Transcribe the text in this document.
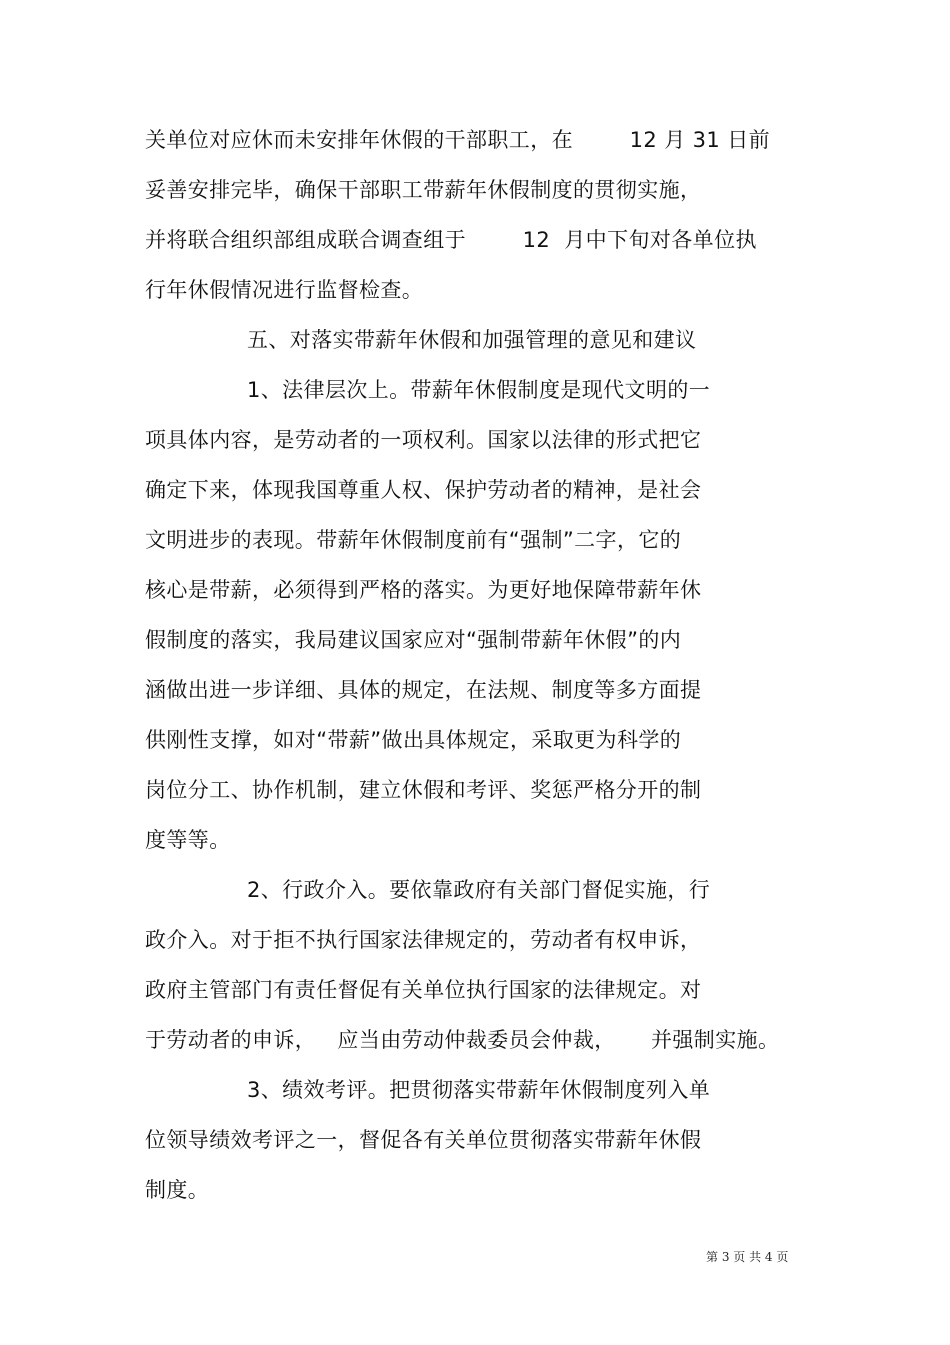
关单位对应休而未安排年休假的干部职工，在        12 月 31 日前
妥善安排完毕，确保干部职工带薪年休假制度的贯彻实施，
并将联合组织部组成联合调查组于        12  月中下旬对各单位执
行年休假情况进行监督检查。
五、对落实带薪年休假和加强管理的意见和建议
1、法律层次上。带薪年休假制度是现代文明的一
项具体内容，是劳动者的一项权利。国家以法律的形式把它
确定下来，体现我国尊重人权、保护劳动者的精神，是社会
文明进步的表现。带薪年休假制度前有“强制”二字，它的
核心是带薪，必须得到严格的落实。为更好地保障带薪年休
假制度的落实，我局建议国家应对“强制带薪年休假”的内
涵做出进一步详细、具体的规定，在法规、制度等多方面提
供刚性支撑，如对“带薪”做出具体规定，采取更为科学的
岗位分工、协作机制，建立休假和考评、奖惩严格分开的制
度等等。
2、行政介入。要依靠政府有关部门督促实施，行
政介入。对于拒不执行国家法律规定的，劳动者有权申诉，
政府主管部门有责任督促有关单位执行国家的法律规定。对
于劳动者的申诉，   应当由劳动仲裁委员会仲裁，     并强制实施。
3、绩效考评。把贯彻落实带薪年休假制度列入单
位领导绩效考评之一，督促各有关单位贯彻落实带薪年休假
制度。
第 3 页 共 4 页
